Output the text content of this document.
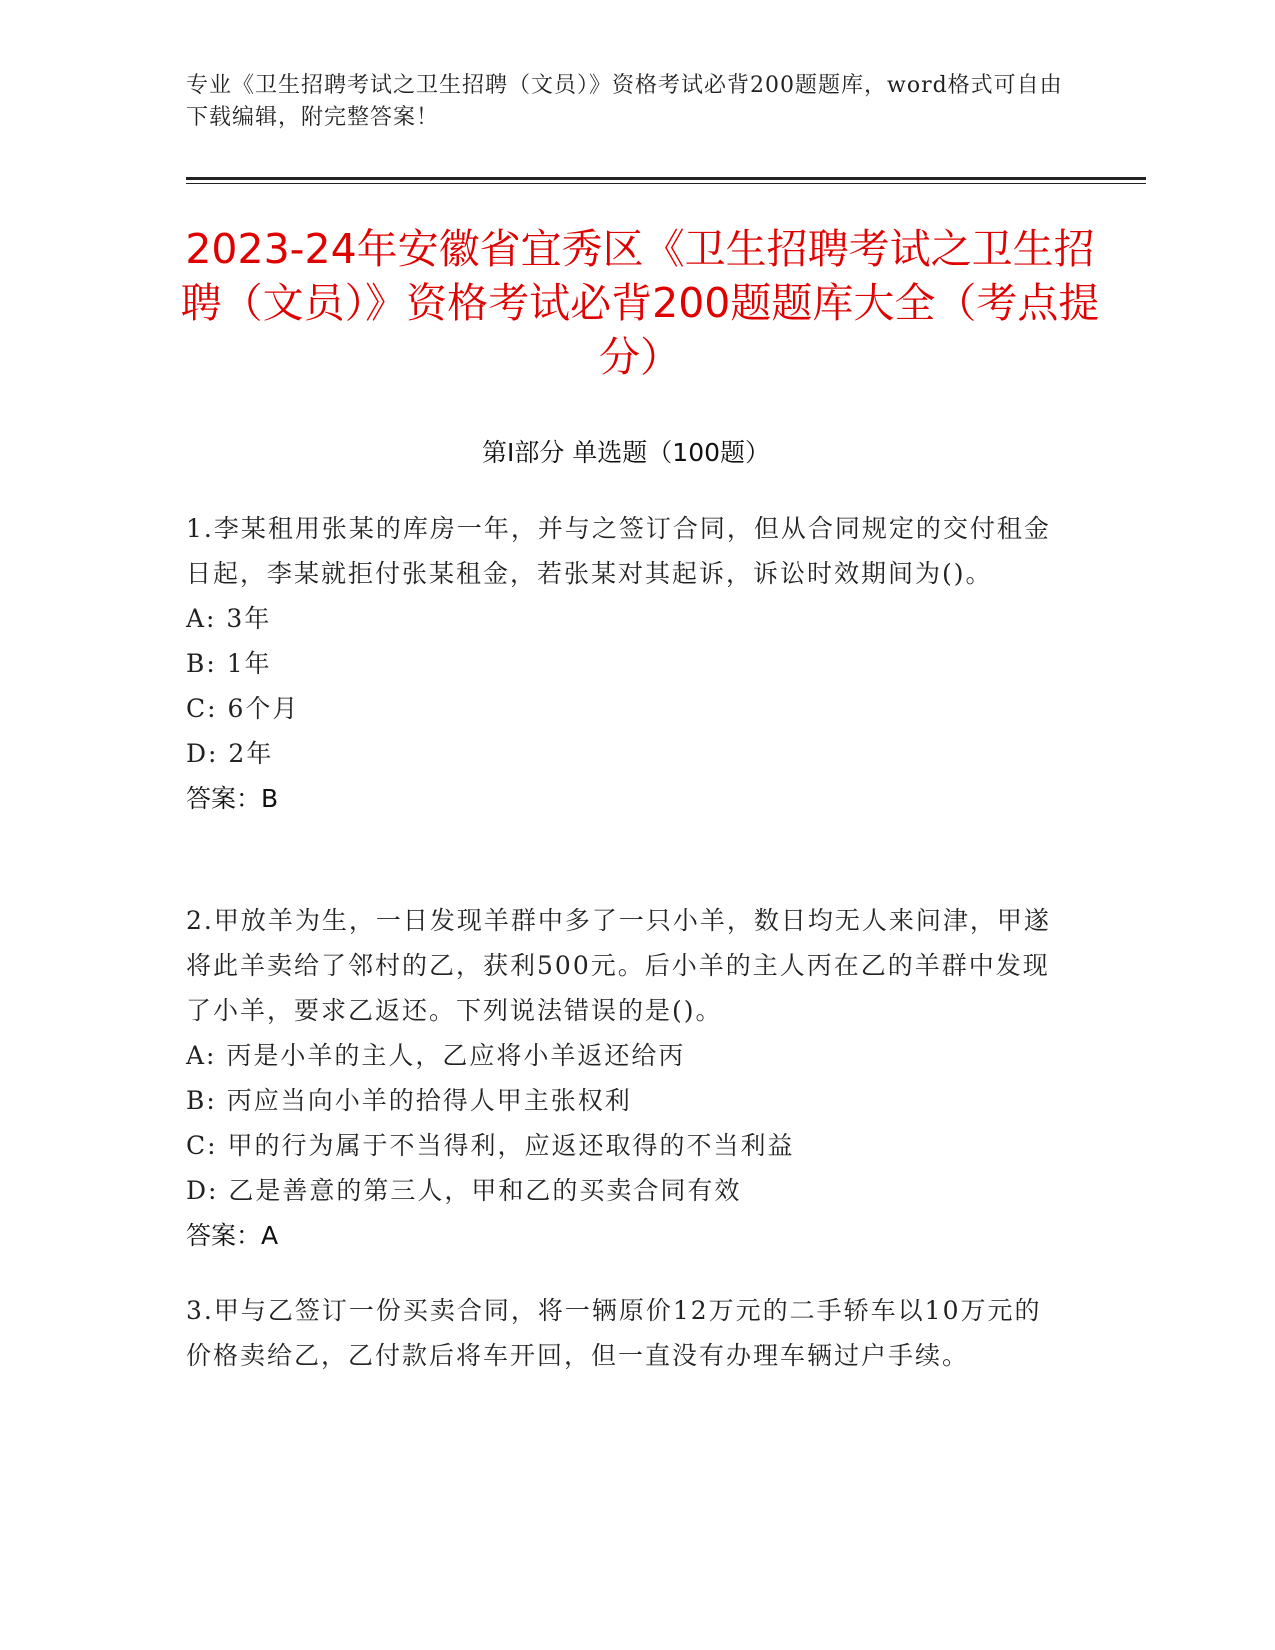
专业《卫生招聘考试之卫生招聘（文员）》资格考试必背200题题库，word格式可自由下载编辑，附完整答案！
2023-24年安徽省宜秀区《卫生招聘考试之卫生招聘（文员）》资格考试必背200题题库大全（考点提分）
第I部分 单选题（100题）

1.李某租用张某的库房一年，并与之签订合同，但从合同规定的交付租金日起，李某就拒付张某租金，若张某对其起诉，诉讼时效期间为()。

A: 3年

B: 1年

C: 6个月

D: 2年

答案：B

2.甲放羊为生，一日发现羊群中多了一只小羊，数日均无人来问津，甲遂将此羊卖给了邻村的乙，获利500元。后小羊的主人丙在乙的羊群中发现了小羊，要求乙返还。下列说法错误的是()。

A: 丙是小羊的主人，乙应将小羊返还给丙

B: 丙应当向小羊的拾得人甲主张权利

C: 甲的行为属于不当得利，应返还取得的不当利益

D: 乙是善意的第三人，甲和乙的买卖合同有效

答案：A

3.甲与乙签订一份买卖合同，将一辆原价12万元的二手轿车以10万元的价格卖给乙，乙付款后将车开回，但一直没有办理车辆过户手续。
